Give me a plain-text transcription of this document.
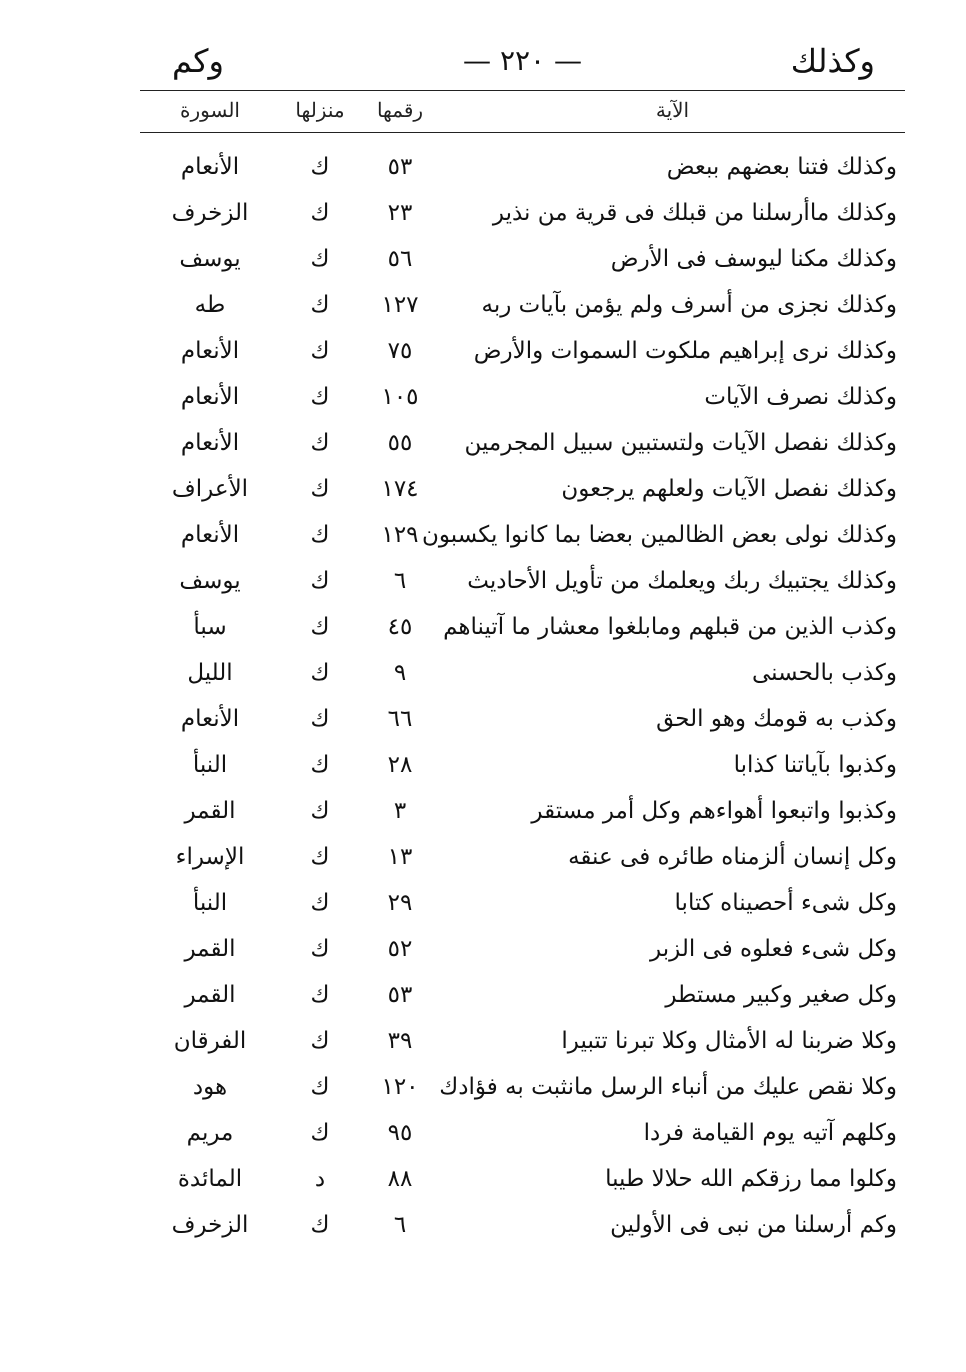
وكذلك
— ٢٢٠ —
وكم
الآية
رقمها
منزلها
السورة
وكذلك فتنا بعضهم ببعض
٥٣
ك
الأنعام
وكذلك ماأرسلنا من قبلك فى قرية من نذير
٢٣
ك
الزخرف
وكذلك مكنا ليوسف فى الأرض
٥٦
ك
يوسف
وكذلك نجزى من أسرف ولم يؤمن بآيات ربه
١٢٧
ك
طه
وكذلك نرى إبراهيم ملكوت السموات والأرض
٧٥
ك
الأنعام
وكذلك نصرف الآيات
١٠٥
ك
الأنعام
وكذلك نفصل الآيات ولتستبين سبيل المجرمين
٥٥
ك
الأنعام
وكذلك نفصل الآيات ولعلهم يرجعون
١٧٤
ك
الأعراف
وكذلك نولى بعض الظالمين بعضا بما كانوا يكسبون
١٢٩
ك
الأنعام
وكذلك يجتبيك ربك ويعلمك من تأويل الأحاديث
٦
ك
يوسف
وكذب الذين من قبلهم ومابلغوا معشار ما آتيناهم
٤٥
ك
سبأ
وكذب بالحسنى
٩
ك
الليل
وكذب به قومك وهو الحق
٦٦
ك
الأنعام
وكذبوا بآياتنا كذابا
٢٨
ك
النبأ
وكذبوا واتبعوا أهواءهم وكل أمر مستقر
٣
ك
القمر
وكل إنسان ألزمناه طائره فى عنقه
١٣
ك
الإسراء
وكل شىء أحصيناه كتابا
٢٩
ك
النبأ
وكل شىء فعلوه فى الزبر
٥٢
ك
القمر
وكل صغير وكبير مستطر
٥٣
ك
القمر
وكلا ضربنا له الأمثال وكلا تبرنا تتبيرا
٣٩
ك
الفرقان
وكلا نقص عليك من أنباء الرسل مانثبت به فؤادك
١٢٠
ك
هود
وكلهم آتيه يوم القيامة فردا
٩٥
ك
مريم
وكلوا مما رزقكم الله حلالا طيبا
٨٨
د
المائدة
وكم أرسلنا من نبى فى الأولين
٦
ك
الزخرف
